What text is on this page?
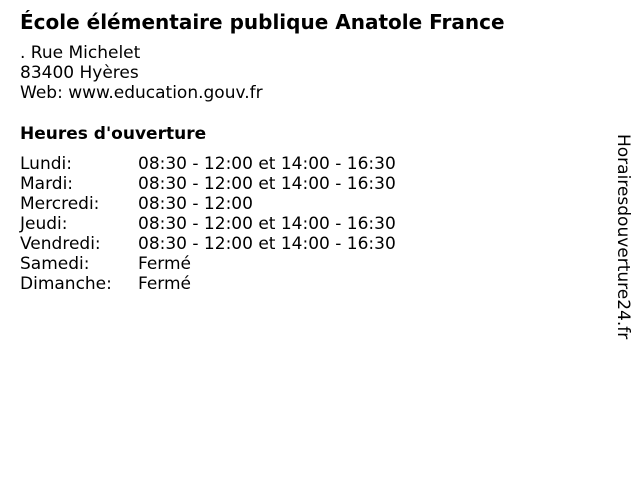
École élémentaire publique Anatole France
. Rue Michelet
83400 Hyères
Web: www.education.gouv.fr
Heures d'ouverture
Lundi:	08:30 - 12:00 et 14:00 - 16:30
Mardi:	08:30 - 12:00 et 14:00 - 16:30
Mercredi:	08:30 - 12:00
Jeudi:	08:30 - 12:00 et 14:00 - 16:30
Vendredi:	08:30 - 12:00 et 14:00 - 16:30
Samedi:	Fermé
Dimanche:	Fermé	Horairesdouverture24.fr
